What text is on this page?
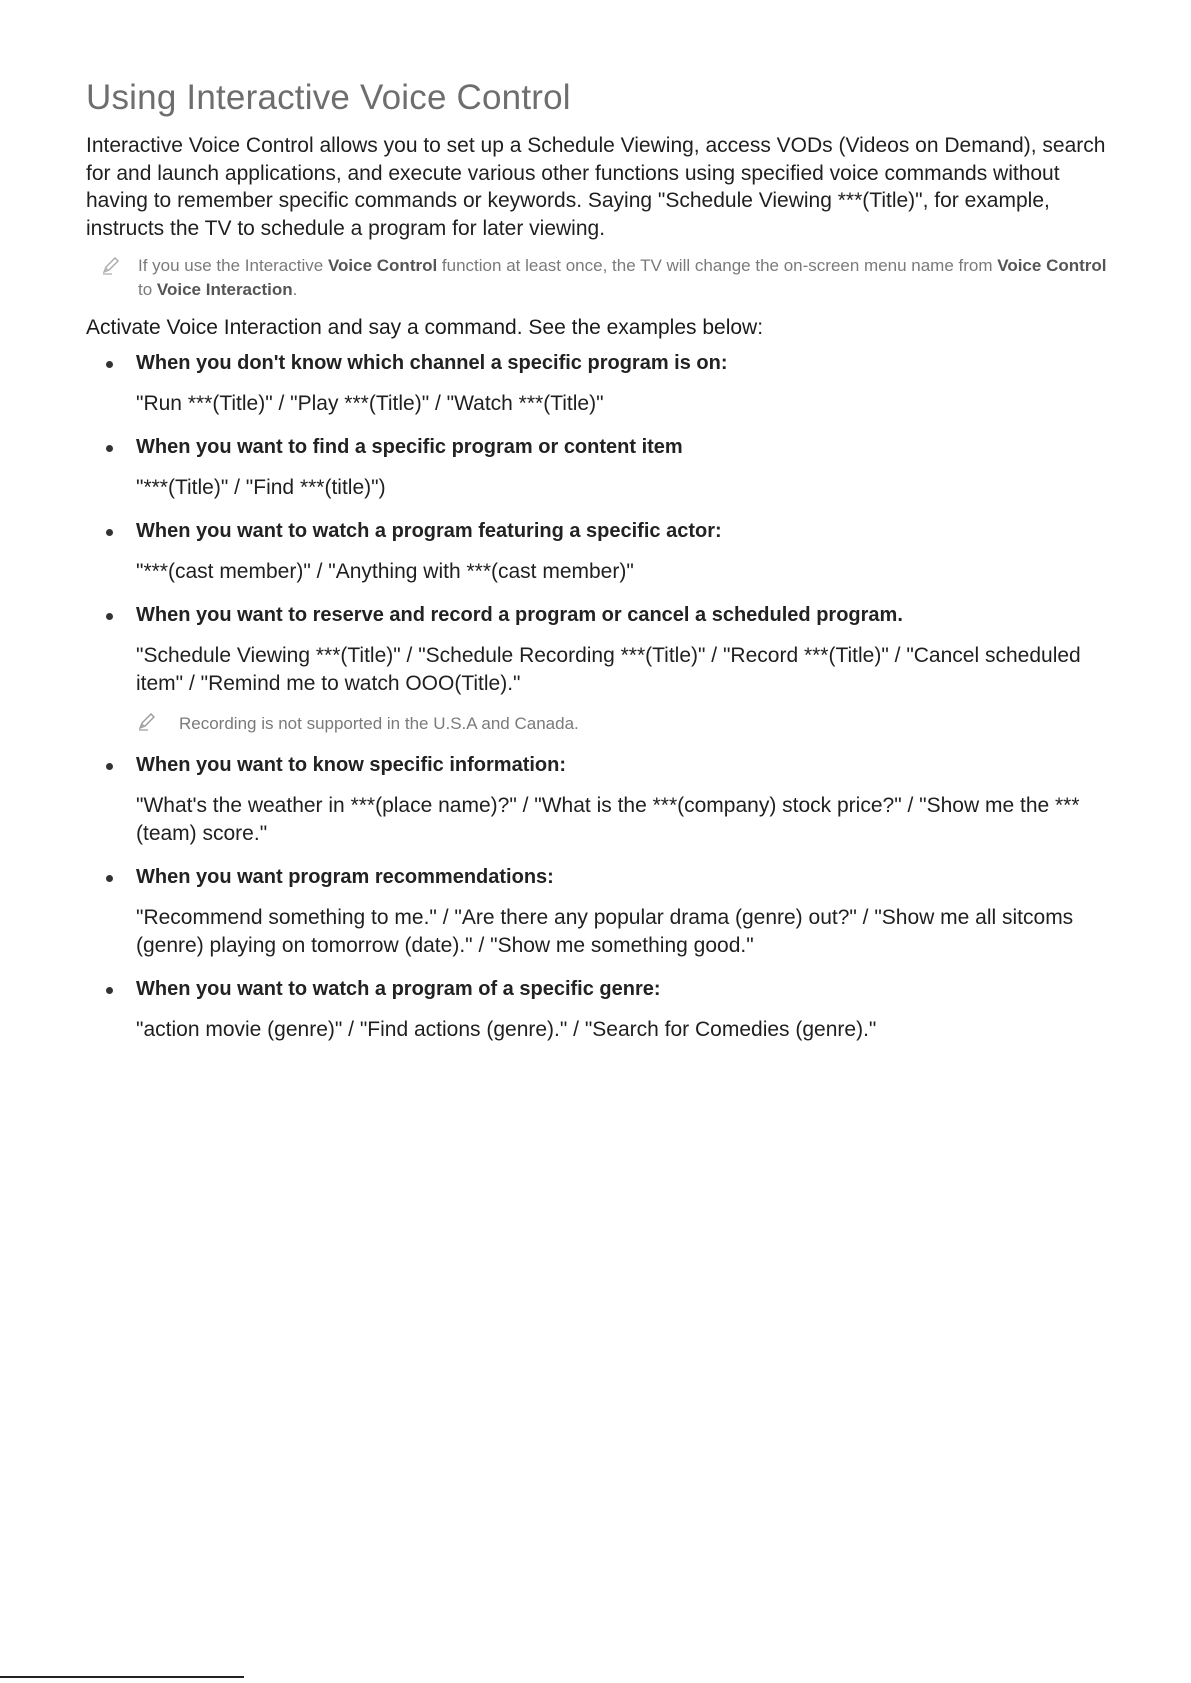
Using Interactive Voice Control

Interactive Voice Control allows you to set up a Schedule Viewing, access VODs (Videos on Demand), search for and launch applications, and execute various other functions using specified voice commands without having to remember specific commands or keywords. Saying "Schedule Viewing ***(Title)", for example, instructs the TV to schedule a program for later viewing.

If you use the Interactive Voice Control function at least once, the TV will change the on-screen menu name from Voice Control to Voice Interaction.

Activate Voice Interaction and say a command. See the examples below:

When you don't know which channel a specific program is on:
"Run ***(Title)" / "Play ***(Title)" / "Watch ***(Title)"
When you want to find a specific program or content item
"***(Title)" / "Find ***(title)")
When you want to watch a program featuring a specific actor:
"***(cast member)" / "Anything with ***(cast member)"
When you want to reserve and record a program or cancel a scheduled program.
"Schedule Viewing ***(Title)" / "Schedule Recording ***(Title)" / "Record ***(Title)" / "Cancel scheduled item" / "Remind me to watch OOO(Title)."
Recording is not supported in the U.S.A and Canada.
When you want to know specific information:
"What's the weather in ***(place name)?" / "What is the ***(company) stock price?" / "Show me the ***(team) score."
When you want program recommendations:
"Recommend something to me." / "Are there any popular drama (genre) out?" / "Show me all sitcoms (genre) playing on tomorrow (date)." / "Show me something good."
When you want to watch a program of a specific genre:
"action movie (genre)" / "Find actions (genre)." / "Search for Comedies (genre)."
